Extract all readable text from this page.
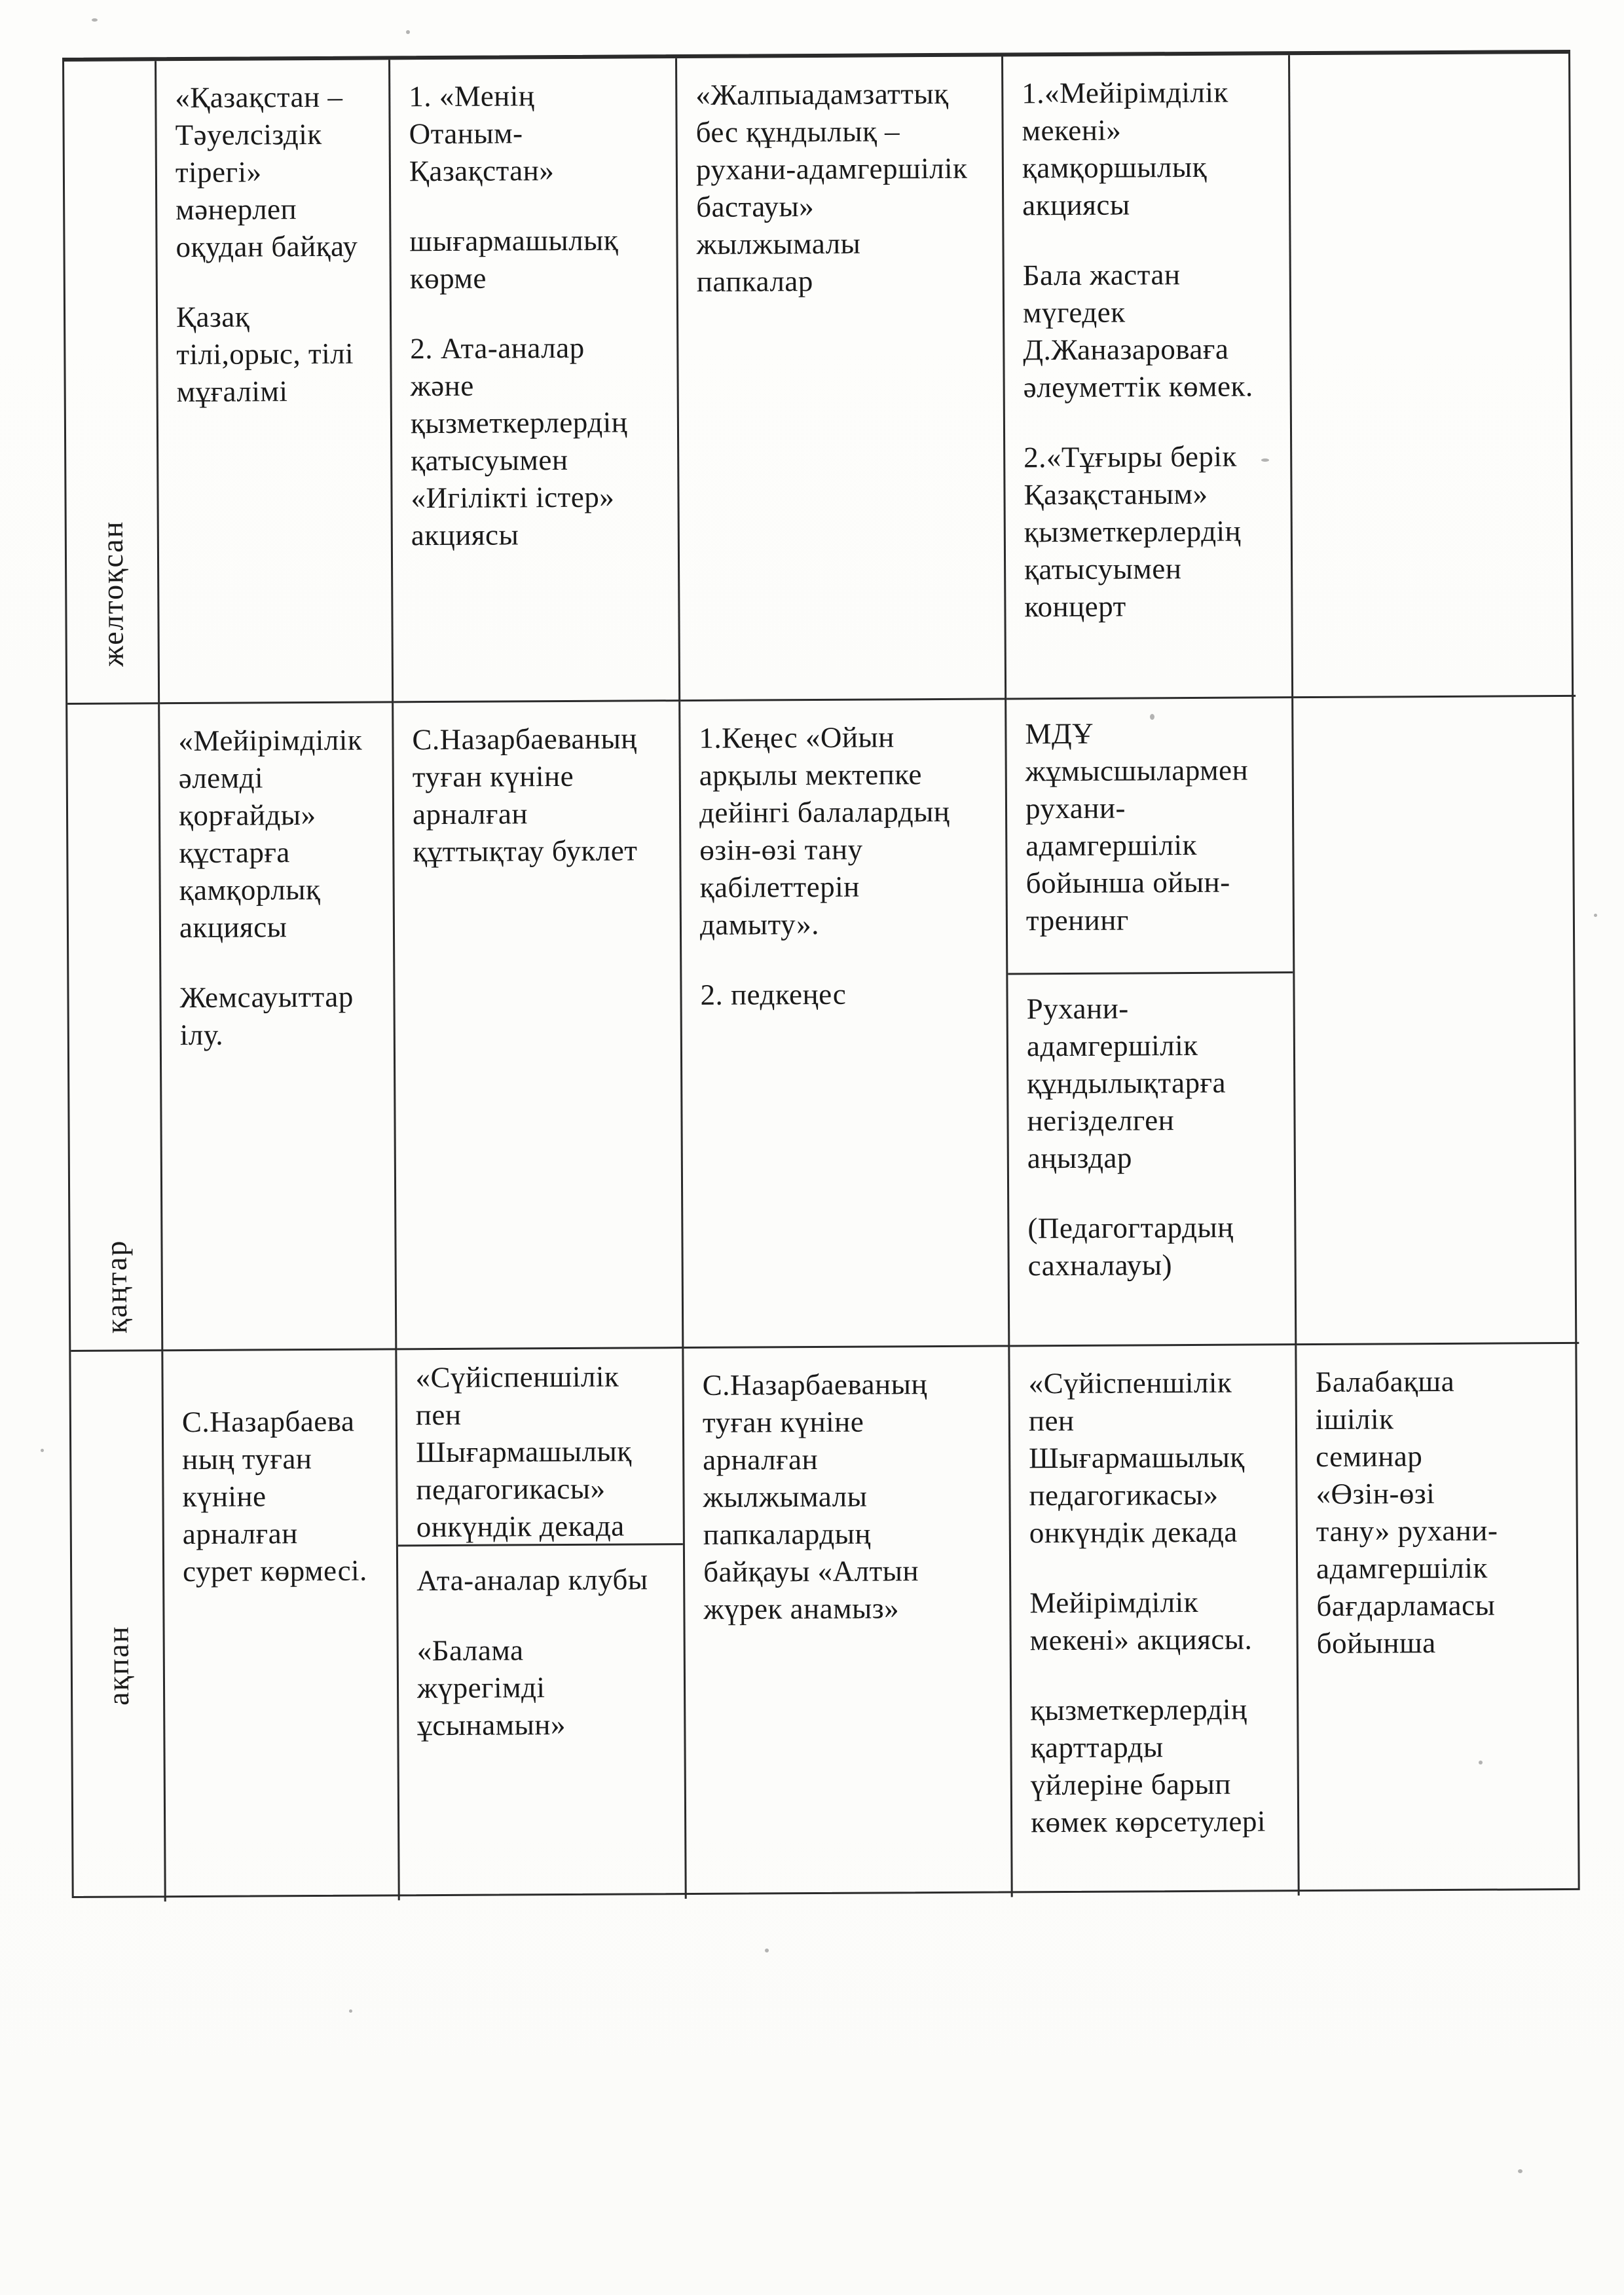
желтоқсан

«Қазақстан –
Тәуелсіздік
тірегі»
мәнерлеп
оқудан байқау

Қазақ
тілі,орыс, тілі
мұғалімі

1. «Менің
Отаным-
Қазақстан»

шығармашылық
көрме

2. Ата-аналар
және
қызметкерлердің
қатысуымен
«Игілікті істер»
акциясы

«Жалпыадамзаттық
бес құндылық –
рухани-адамгершілік
бастауы»
жылжымалы
папкалар

1.«Мейірімділік
мекені»
қамқоршылық
акциясы

Бала жастан
мүгедек
Д.Жаназароваға
әлеуметтік көмек.

2.«Тұғыры берік
Қазақстаным»
қызметкерлердің
қатысуымен
концерт

қаңтар

«Мейірімділік
әлемді
қорғайды»
құстарға
қамқорлық
акциясы

Жемсауыттар
ілу.

С.Назарбаеваның
туған күніне
арналған
құттықтау буклет

1.Кеңес «Ойын
арқылы мектепке
дейінгі балалардың
өзін-өзі тану
қабілеттерін
дамыту».

2. педкеңес

МДҰ
жұмысшылармен
рухани-
адамгершілік
бойынша ойын-
тренинг

Рухани-
адамгершілік
құндылықтарға
негізделген
аңыздар

(Педагогтардың
сахналауы)

ақпан

С.Назарбаева
ның туған
күніне
арналған
сурет көрмесі.

«Сүйіспеншілік
пен
Шығармашылық
педагогикасы»
онкүндік декада

Ата-аналар клубы

«Балама
жүрегімді
ұсынамын»

С.Назарбаеваның
туған күніне
арналған
жылжымалы
папкалардың
байқауы «Алтын
жүрек анамыз»

«Сүйіспеншілік
пен
Шығармашылық
педагогикасы»
онкүндік декада

Мейірімділік
мекені» акциясы.

қызметкерлердің
қарттарды
үйлеріне барып
көмек көрсетулері

Балабақша
ішілік
семинар
«Өзін-өзі
тану» рухани-
адамгершілік
бағдарламасы
бойынша
